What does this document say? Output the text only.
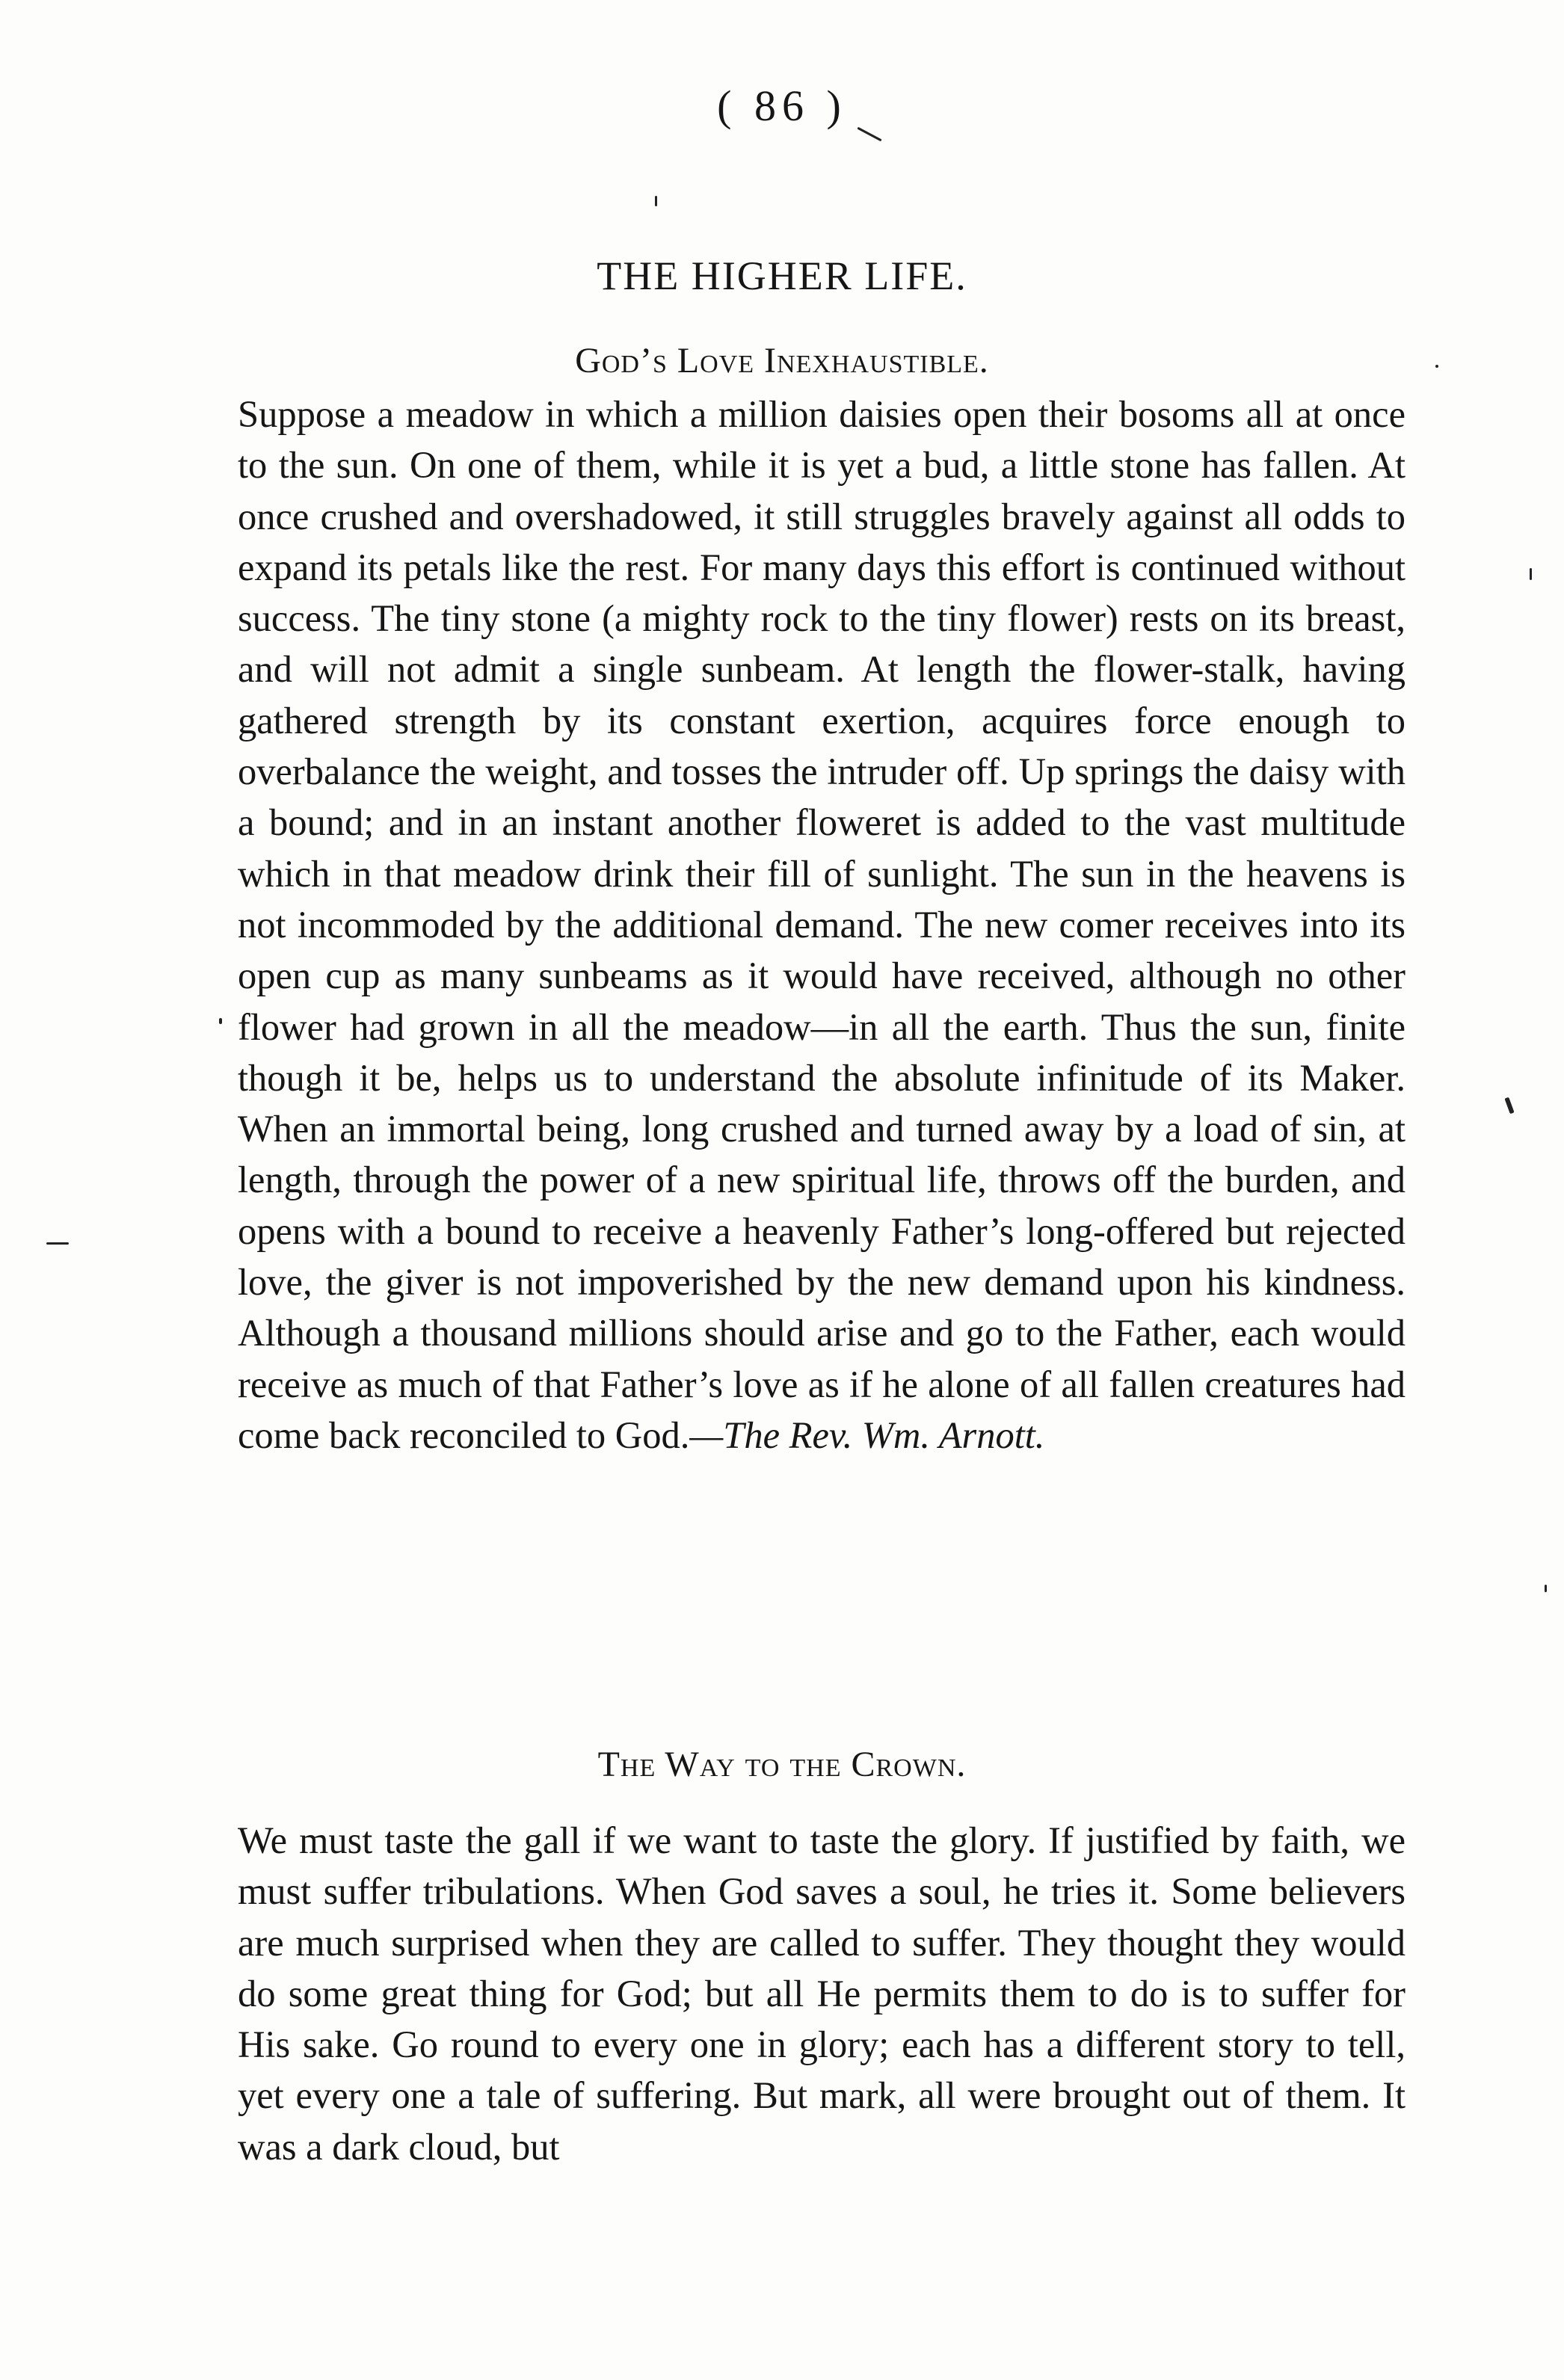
( 86 )
THE HIGHER LIFE.
God’s Love Inexhaustible.

Suppose a meadow in which a million daisies open their bosoms all at once to the sun. On one of them, while it is yet a bud, a little stone has fallen. At once crushed and overshadowed, it still struggles bravely against all odds to expand its petals like the rest. For many days this effort is continued without success. The tiny stone (a mighty rock to the tiny flower) rests on its breast, and will not admit a single sunbeam. At length the flower-stalk, having gathered strength by its constant exertion, acquires force enough to overbalance the weight, and tosses the intruder off. Up springs the daisy with a bound; and in an instant another floweret is added to the vast multitude which in that meadow drink their fill of sunlight. The sun in the heavens is not incommoded by the additional demand. The new comer receives into its open cup as many sunbeams as it would have received, although no other flower had grown in all the meadow—in all the earth. Thus the sun, finite though it be, helps us to understand the absolute infinitude of its Maker. When an immortal being, long crushed and turned away by a load of sin, at length, through the power of a new spiritual life, throws off the burden, and opens with a bound to receive a heavenly Father’s long-offered but rejected love, the giver is not impoverished by the new demand upon his kindness. Although a thousand millions should arise and go to the Father, each would receive as much of that Father’s love as if he alone of all fallen creatures had come back reconciled to God.—The Rev. Wm. Arnott.

The Way to the Crown.

We must taste the gall if we want to taste the glory. If justified by faith, we must suffer tribulations. When God saves a soul, he tries it. Some believers are much surprised when they are called to suffer. They thought they would do some great thing for God; but all He permits them to do is to suffer for His sake. Go round to every one in glory; each has a different story to tell, yet every one a tale of suffering. But mark, all were brought out of them. It was a dark cloud, but
